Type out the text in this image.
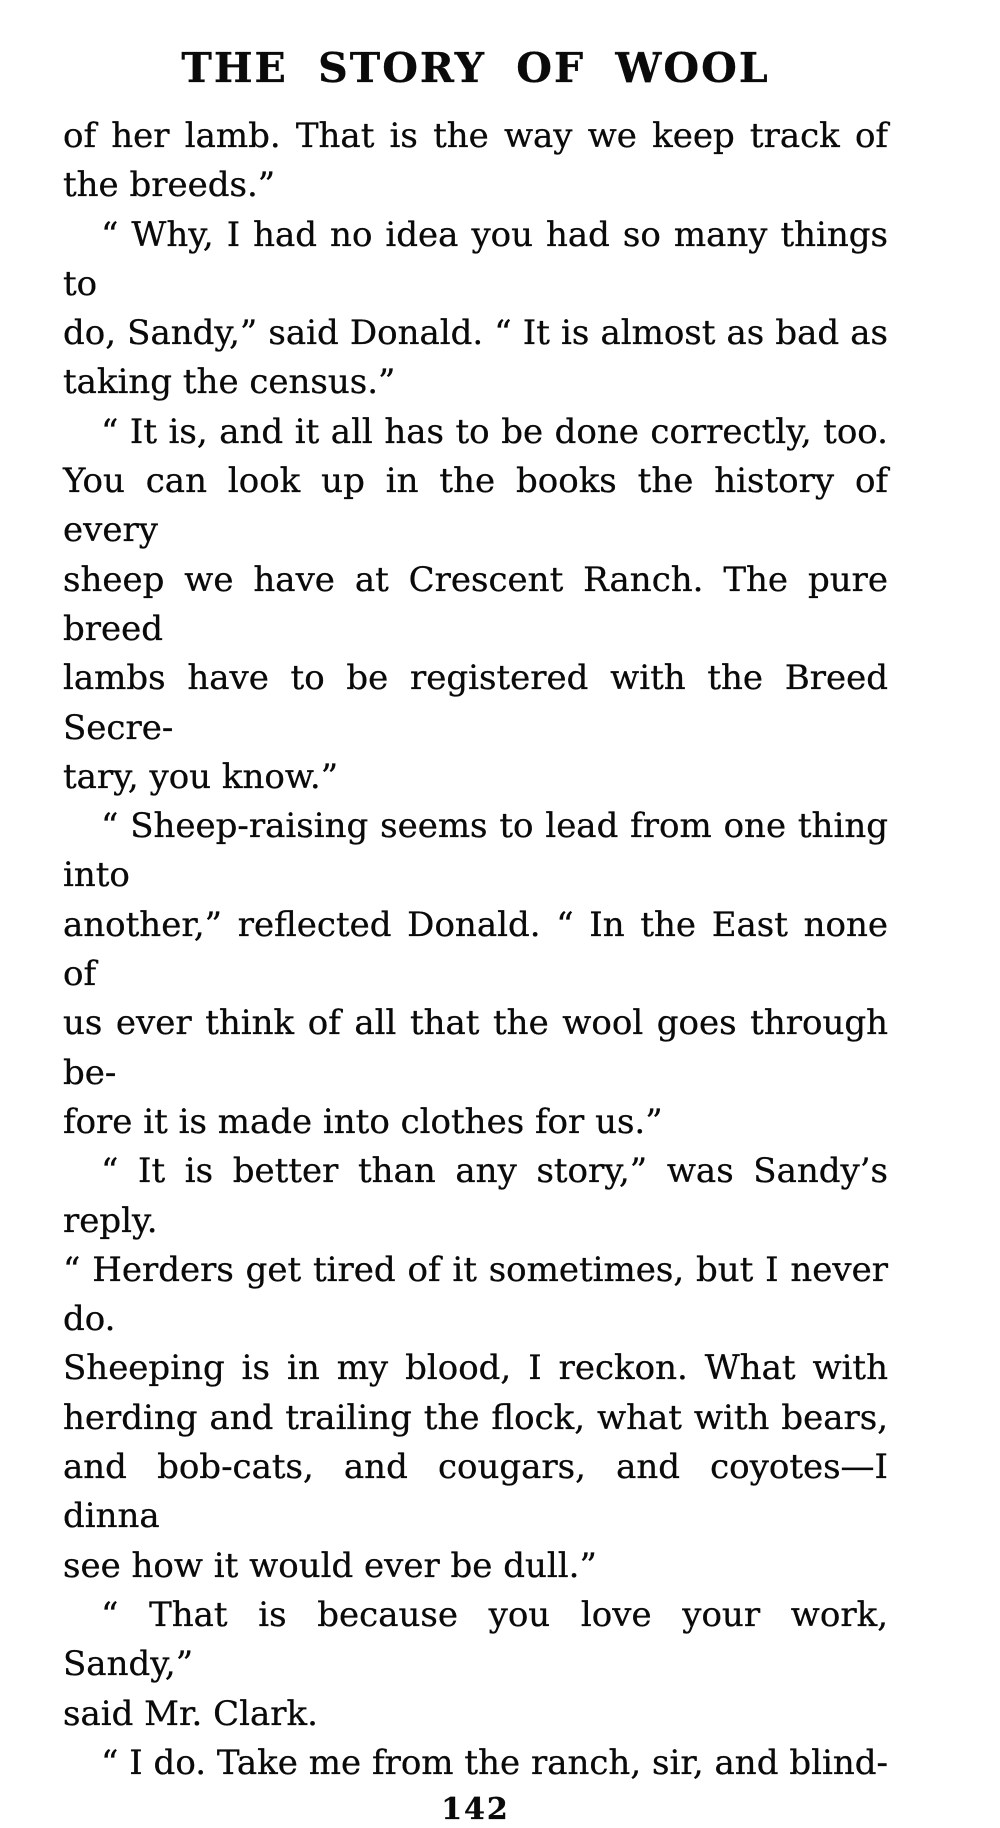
THE STORY OF WOOL
of her lamb. That is the way we keep track of
the breeds.”
“ Why, I had no idea you had so many things to
do, Sandy,” said Donald. “ It is almost as bad as
taking the census.”
“ It is, and it all has to be done correctly, too.
You can look up in the books the history of every
sheep we have at Crescent Ranch. The pure breed
lambs have to be registered with the Breed Secre-
tary, you know.”
“ Sheep-raising seems to lead from one thing into
another,” reflected Donald. “ In the East none of
us ever think of all that the wool goes through be-
fore it is made into clothes for us.”
“ It is better than any story,” was Sandy’s reply.
“ Herders get tired of it sometimes, but I never do.
Sheeping is in my blood, I reckon. What with
herding and trailing the flock, what with bears,
and bob-cats, and cougars, and coyotes—I dinna
see how it would ever be dull.”
“ That is because you love your work, Sandy,”
said Mr. Clark.
“ I do. Take me from the ranch, sir, and blind-
142
